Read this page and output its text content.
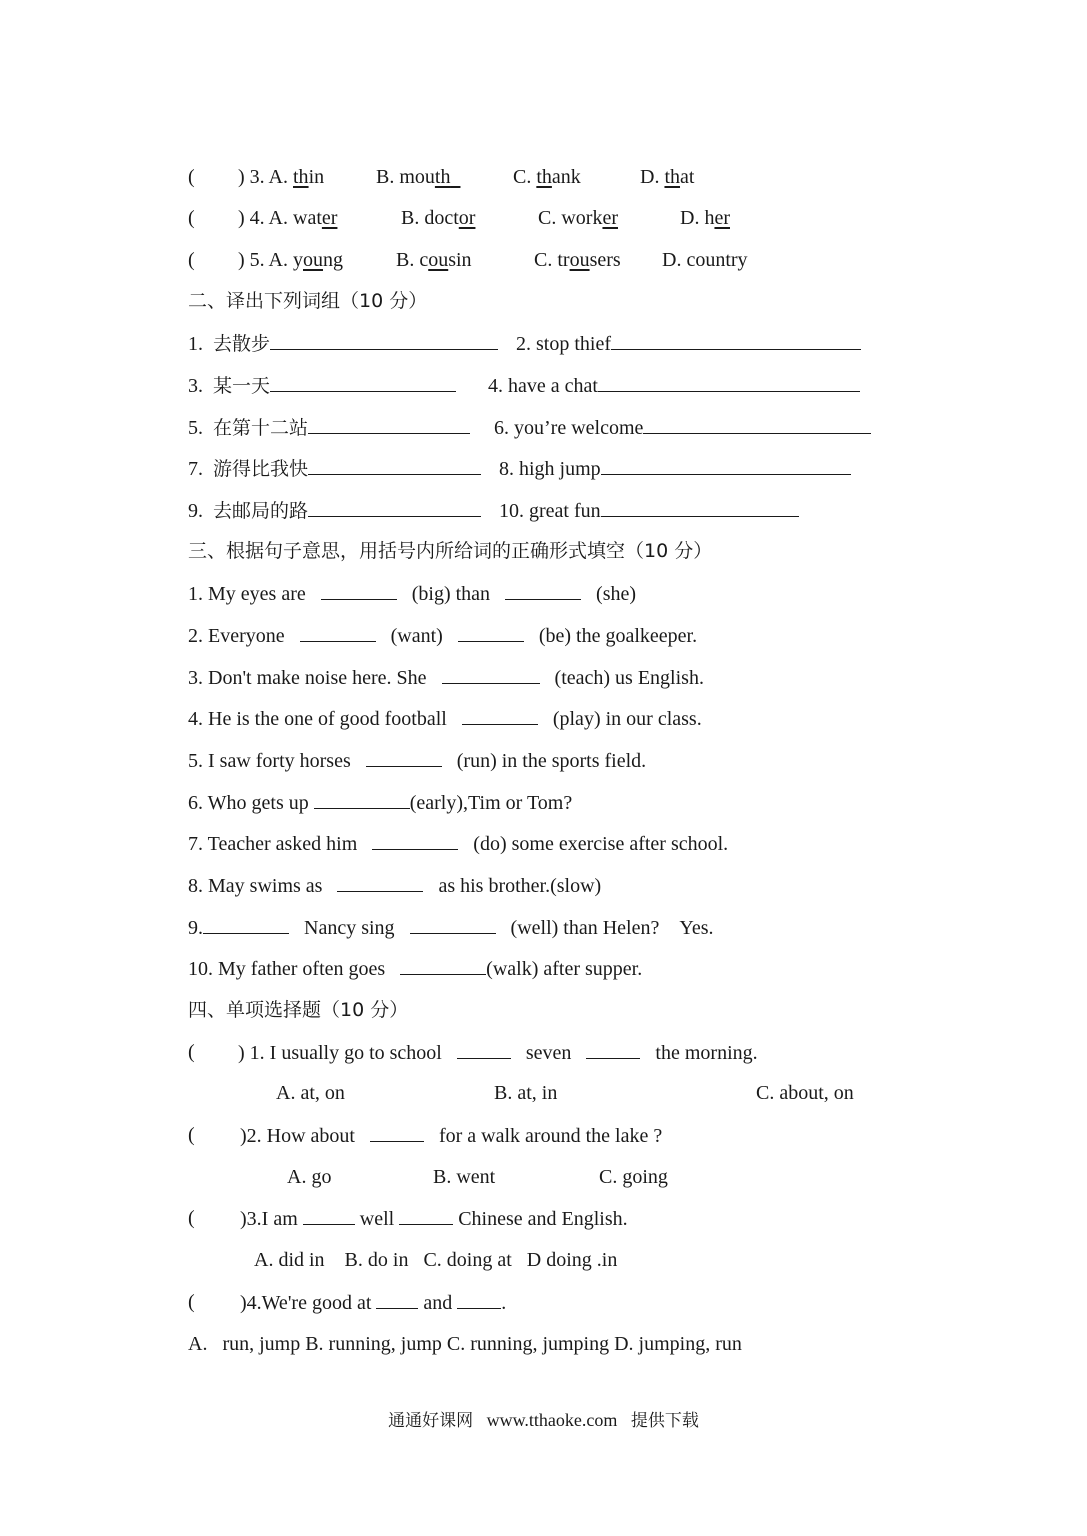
( ) 3. A. thin	B. mouth	C. thank	D. that
( ) 4. A. water	B. doctor	C. worker	D. her
( ) 5. A. young	B. cousin	C. trousers D. country
二、译出下列词组（10 分）
1. 去散步	2. stop thief
3. 某一天	4. have a chat
5. 在第十二站	6. you’re welcome
7. 游得比我快	8. high jump
9. 去邮局的路	10. great fun
三、根据句子意思，用括号内所给词的正确形式填空（10 分）
1. My eyes are	(big) than	(she)
2. Everyone	(want)	(be) the goalkeeper.
3. Don't make noise here. She	(teach) us English.
4. He is the one of good football	(play) in our class.
5. I saw forty horses	(run) in the sports field.
6. Who gets up	(early),Tim or Tom?
7. Teacher asked him	(do) some exercise after school.
8. May swims as	as his brother.(slow)
9.	Nancy sing	(well) than Helen? Yes.
10. My father often goes	(walk) after supper.
四、单项选择题（10 分）
( ) 1. I usually go to school	seven	the morning.
A. at, on	B. at, in	C. about, on
( )2. How about	for a walk around the lake ?
A. go	B. went	C. going
( )3.I am	well	Chinese and English.
A. did in    B. do in   C. doing at   D doing .in
( )4.We're good at	and .
A.   run, jump B. running, jump C. running, jumping D. jumping, run
通通好课网 www.tthaoke.com 提供下载
